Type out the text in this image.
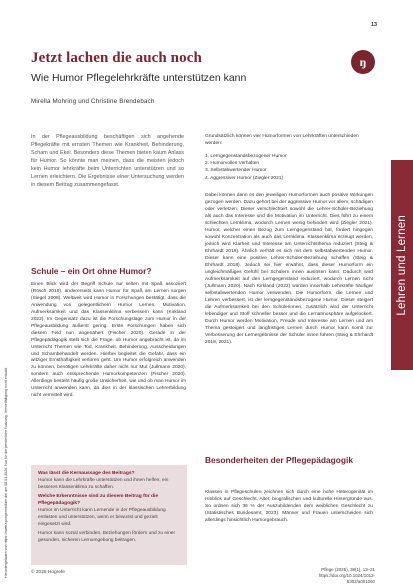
Heruntergeladen von https://www.springermedizin.de/ am 08.01.2026. Nur für die persönliche Nutzung. Vervielfältigung nicht erlaubt.
13
ŋ
Lehren und Lernen
Jetzt lachen die auch noch
Wie Humor Pflegelehrkräfte unterstützen kann
Mirella Mohring und Christine Brendebach

In der Pflegeausbildung beschäftigen sich angehende Pflegekräfte mit ernsten Themen wie Krankheit, Behinderung, Scham und Ekel. Besonders diese Themen bieten kaum Anlass für Humor. So könnte man meinen, dass die meisten jedoch kein Humor lehrkräfte beim Unterrichten unterstützen und so Lernen erleichtern. Die Ergebnisse einer Untersuchung werden in diesem Beitrag zusammengefasst.

Schule – ein Ort ohne Humor?

Einen Blick wird der Begriff Schule nur selten mit Spaß assoziiert (Rösch 2019), andererseits kann Humor für Spaß am Lernen sorgen (Siegel 2008). Weltweit wird Humor in Forschungen bestätigt, dass die Anwendung von gelegentlichem Humor Lernen, Motivation, Aufmerksamkeit und das Klassenklima verbessern kann (Kirkland 2022). Im Gegensatz dazu ist die Forschungslage zum Humor in der Pflegeausbildung äußerst gering. Erste Forschungen haben sich diesem Feld nun angenähert (Fischer 2020). Gerade in der Pflegepädagogik stellt sich die Frage, ob Humor angebracht ist, da im Unterricht Themen wie Tod, Krankheit, Behinderung, Ausscheidungen und Schambehandelt werden. Hierbei begleitet die Gefahr, dass ein witziger Ernsthaftigkeit verloren geht. Um Humor erfolgreich anwenden zu können, benötigen Lehrkräfte daher nicht nur Mut (Jullmann 2020), sondern auch entsprechende Humorkompetenzen (Fischer 2020). Allerdings besteht häufig große Unsicherheit, wie und ob man Humor im Unterricht anwenden kann, da dies in der klassischen Lehrerbildung nicht vermittelt wird.

Was lässt die Kernaussage des Beitrags?
Humor kann die Lehrkräfte unterstützen und ihnen helfen, ein besseres Klassenklima zu schaffen.
Welche Erkenntnisse sind zu diesem Beitrag für die Pflegepädagogik?
Humor im Unterricht kann Lernende in der Pflegeausbildung entlasten und unterstützen, wenn er bewusst und gezielt eingesetzt wird.
Humor kann sozial verbinden, Beziehungen fördern und zu einer gesunden, sicheren Lernumgebung beitragen.

Grundsätzlich können vier Humorformen von Lehrkräften unterschieden werden:

1. Lerngegenstandsbezogener Humor
2. Humorvolles Verhalten
3. Selbstabwertender Humor
4. Aggressiver Humor (Ziegler 2021)

Dabei können dann es den jeweiligen Humorformen auch positive Wirkungen gezogen werden. Dazu gehört bei der aggressive Humor vor allem, schädigen oder verletzen. Dieser verschlechtert sowohl die Lehrer-Schüler-Beziehung als auch das Interesse und die Motivation im Unterricht. Dies führt zu einem schlechten Lernklima, wodurch Lernen wenig behindert wird (Ziegler 2021). Humor, welcher einen Bezug zum Lerngegenstand hat, fördert hingegen sowohl Konzentration als auch das Lernklima. Klassenklima erzeugt werden, jedoch wird Klarheit und Interesse am Unterrichtsthema reduziert (Steig & Ehrhardt 2018). Ähnlich verhält es sich mit dem selbstabwertenden Humor. Dieser kann eine positive Lehrer-Schüler-Beziehung schaffen (Steig & Ehrhardt 2018). Jedoch sei hier erwähnt, dass dieser Humorform ein ungleichmäßiges Gefühl bei Schülern innen auslösen kann. Dadurch wird Aufmerksamkeit auf den Lerngegenstand reduziert, wodurch Lernen nicht (Jullmann 2020). Nach Kirkland (2022) würden innerhalb Lehrkräfte häufiger selbstabwertenden Humor verwenden. Die Humorform, die Lernen und Lehren verbessert, ist der lerngegenstandsbezogene Humor. Dieser steigert die Aufmerksamkeit bei den Schülerinnen, zusätzlich wird der Unterricht lebendiger und Stoff schneller besser und die Lernatmosphäre aufgelockert. Durch Humor werden Motivation, Freude und Interesse am Lernen und am Thema gesteigert und langfristiges Lernen durch Humor kann somit zur Verbesserung der Lernergebnisse der Schüler innen führen (Steig & Ehrhardt 2018, 2021).

Besonderheiten der Pflegepädagogik

Klassen in Pflegeschulen zeichnen sich durch eine hohe Heterogenität im Hinblick auf Geschlecht, Alter, biografischen und kulturelle Hintergründe aus. So ordnen sich 36 % der Auszubildenden dem weiblichen Geschlecht zu (Statistisches Bundesamt, 2023). Männer und Frauen unterscheiden sich allerdings hinsichtlich Humorgebrauch.

© 2025 Hogrefe
Pflege (2025), 38(1), 13–21
https://doi.org/10.1024/1012-5302/a001060
